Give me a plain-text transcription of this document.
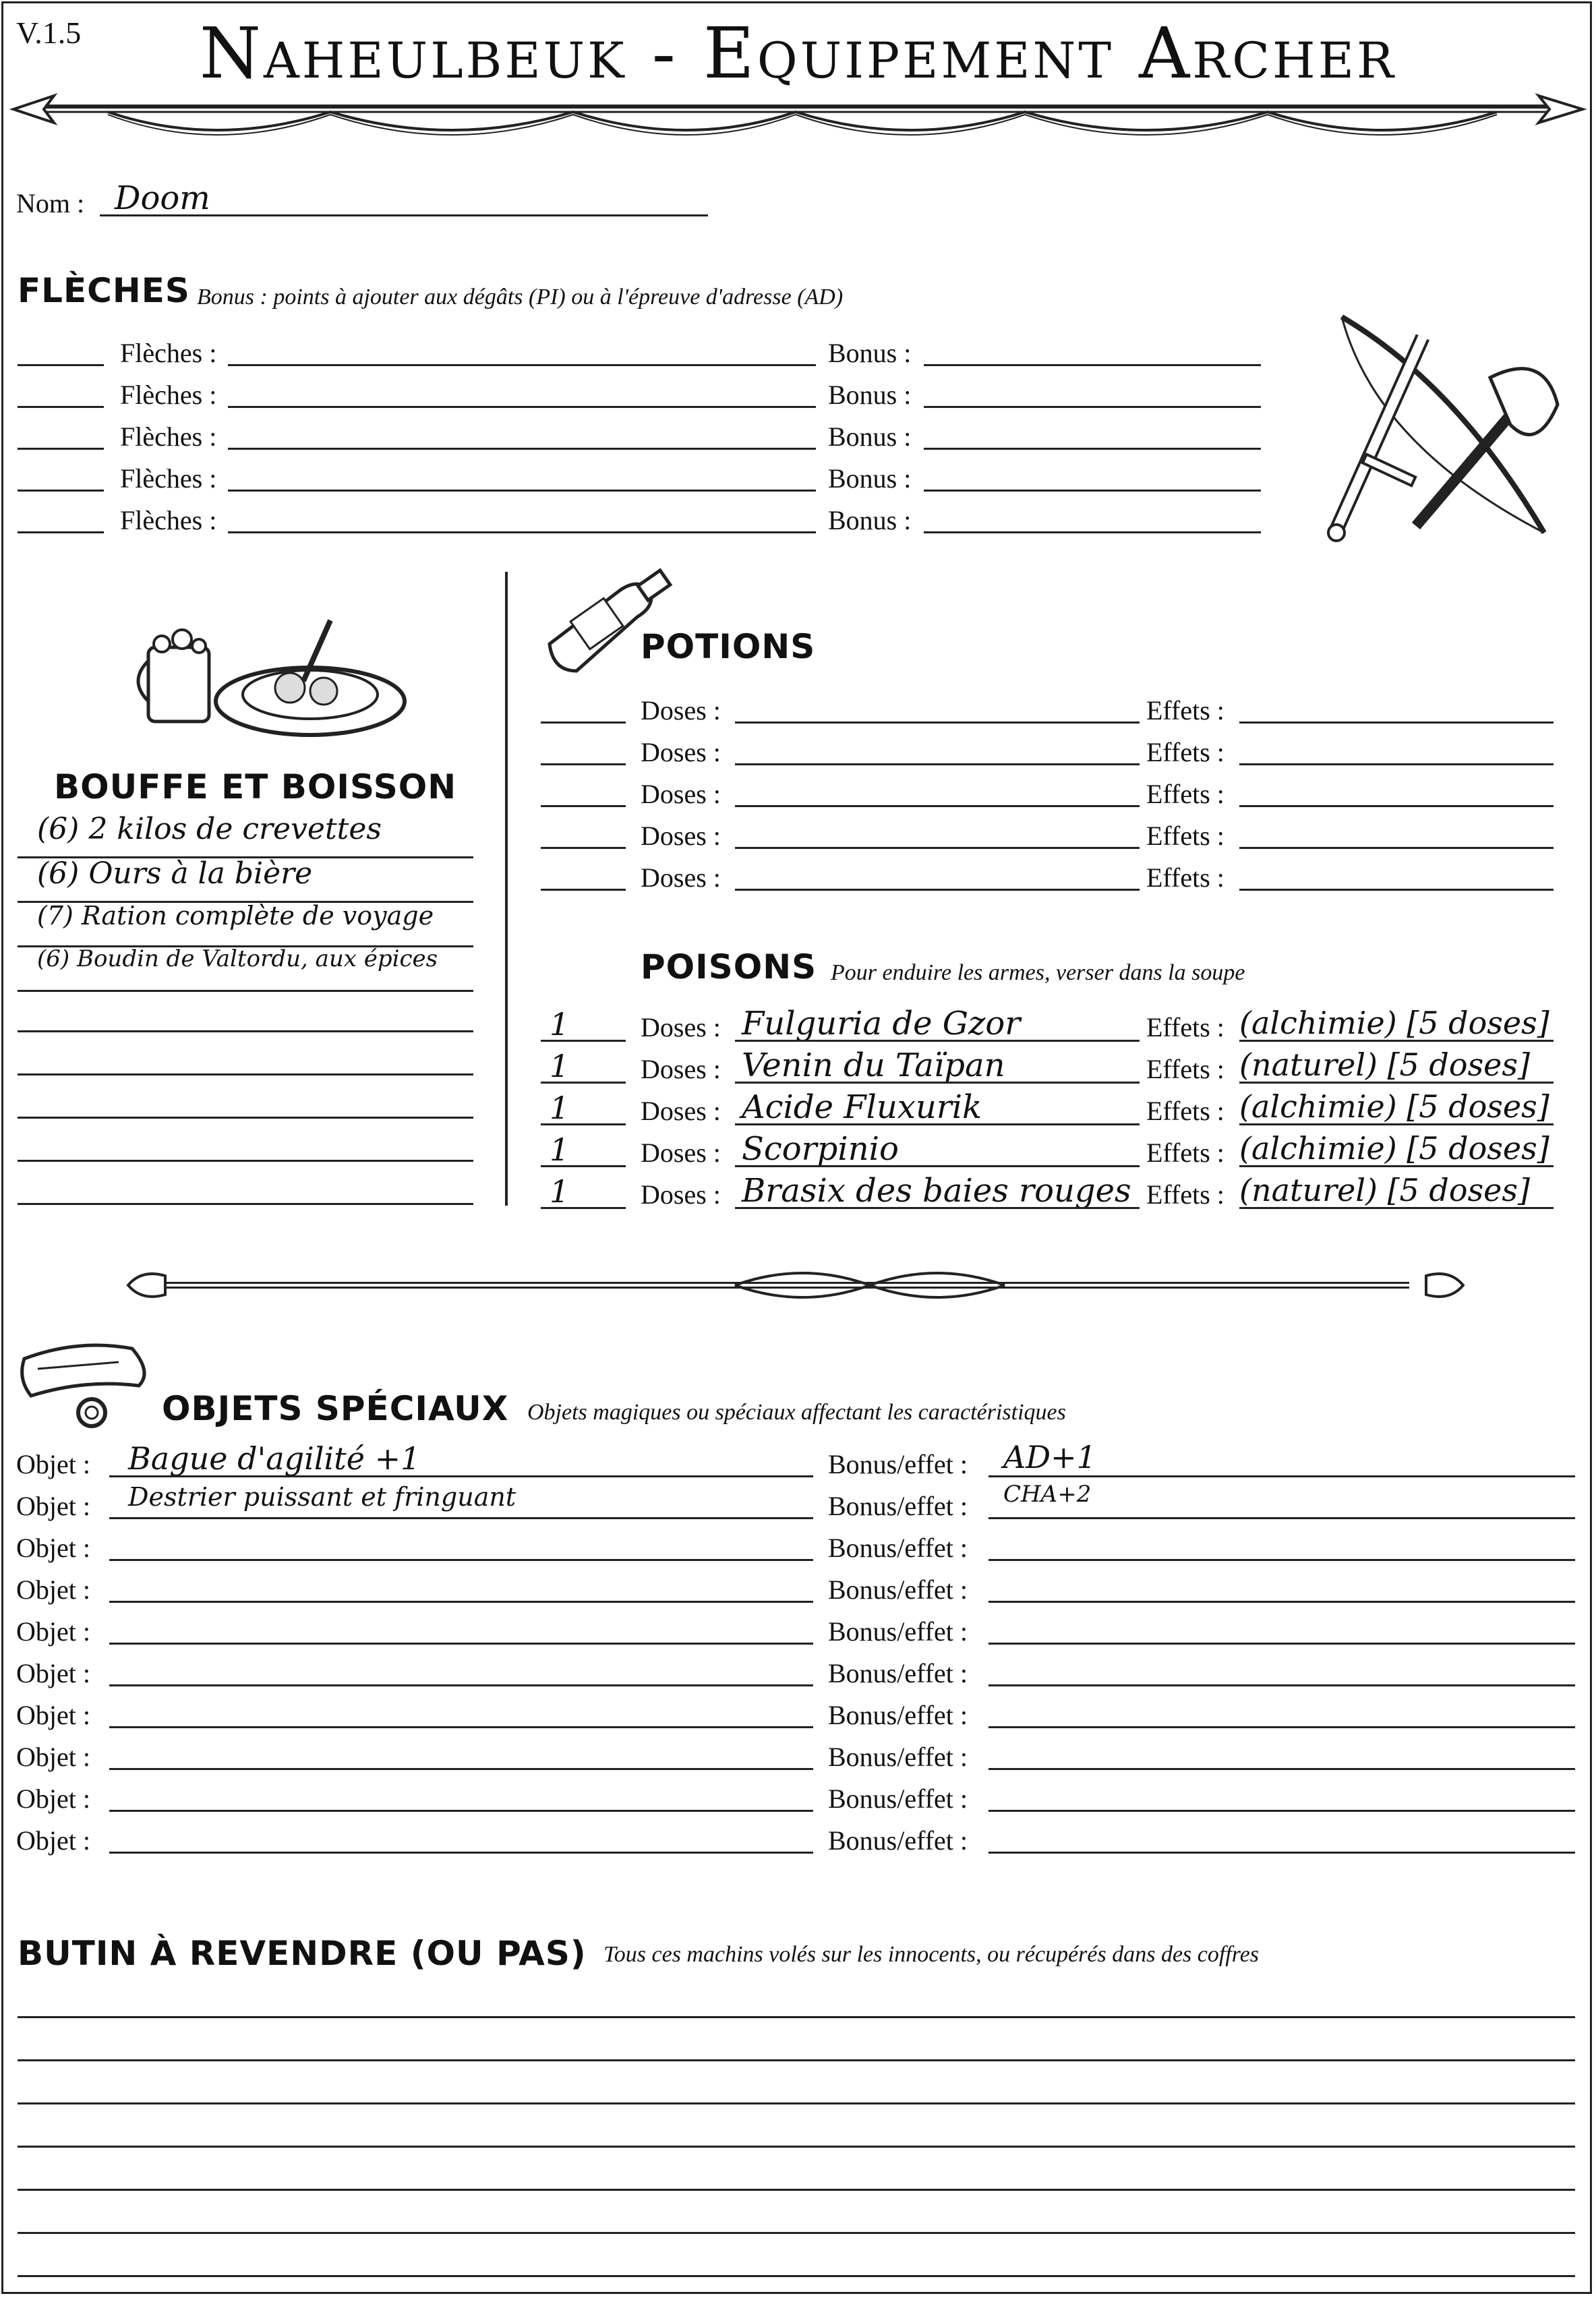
V.1.5	Naheulbeuk - Equipement Archer
Nom : Doom
FLÈCHES Bonus : points à ajouter aux dégâts (PI) ou à l'épreuve d'adresse (AD)
Flèches :	Bonus :
Flèches :	Bonus :
Flèches :	Bonus :
Flèches :	Bonus :
Flèches :	Bonus :
BOUFFE ET BOISSON
(6) 2 kilos de crevettes
(6) Ours à la bière
(7) Ration complète de voyage
(6) Boudin de Valtordu, aux épices
POTIONS
Doses :	Effets :
Doses :	Effets :
Doses :	Effets :
Doses :	Effets :
Doses :	Effets :
POISONS Pour enduire les armes, verser dans la soupe
1	Doses : Fulguria de Gzor	Effets : (alchimie) [5 doses]
1	Doses : Venin du Taïpan	Effets : (naturel) [5 doses]
1	Doses : Acide Fluxurik	Effets : (alchimie) [5 doses]
1	Doses : Scorpinio	Effets : (alchimie) [5 doses]
1	Doses : Brasix des baies rouges Effets : (naturel) [5 doses]
OBJETS SPÉCIAUX Objets magiques ou spéciaux affectant les caractéristiques
Objet : Bague d'agilité +1	Bonus/effet : AD+1
Objet : Destrier puissant et fringuant	Bonus/effet : CHA+2
Objet :	Bonus/effet :
Objet :	Bonus/effet :
Objet :	Bonus/effet :
Objet :	Bonus/effet :
Objet :	Bonus/effet :
Objet :	Bonus/effet :
Objet :	Bonus/effet :
Objet :	Bonus/effet :
BUTIN À REVENDRE (OU PAS) Tous ces machins volés sur les innocents, ou récupérés dans des coffres
